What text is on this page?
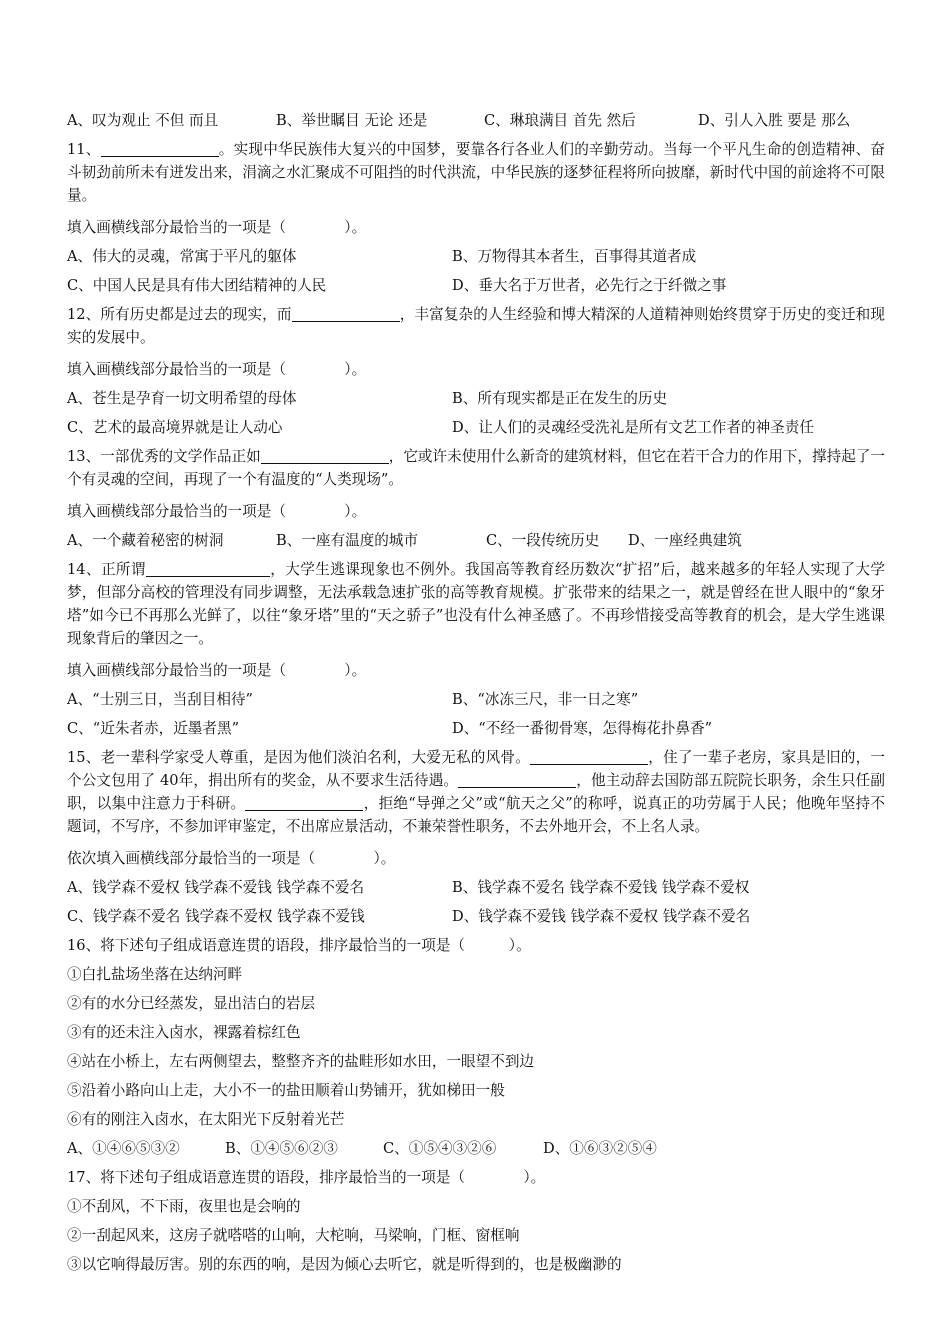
A、叹为观止 不但 而且	B、举世瞩目 无论 还是	C、琳琅满目 首先 然后	D、引人入胜 要是 那么
11、	。实现中华民族伟大复兴的中国梦，要靠各行各业人们的辛勤劳动。当每一个平凡生命的创造精神、奋斗韧劲前所未有迸发出来，涓滴之水汇聚成不可阻挡的时代洪流，中华民族的逐梦征程将所向披靡，新时代中国的前途将不可限量。
填入画横线部分最恰当的一项是（　　　　）。
A、伟大的灵魂，常寓于平凡的躯体	B、万物得其本者生，百事得其道者成
C、中国人民是具有伟大团结精神的人民	D、垂大名于万世者，必先行之于纤微之事
12、所有历史都是过去的现实，而	，丰富复杂的人生经验和博大精深的人道精神则始终贯穿于历史的变迁和现实的发展中。
填入画横线部分最恰当的一项是（　　　　）。
A、苍生是孕育一切文明希望的母体	B、所有现实都是正在发生的历史
C、艺术的最高境界就是让人动心	D、让人们的灵魂经受洗礼是所有文艺工作者的神圣责任
13、一部优秀的文学作品正如	，它或许未使用什么新奇的建筑材料，但它在若干合力的作用下，撑持起了一个有灵魂的空间，再现了一个有温度的“人类现场”。
填入画横线部分最恰当的一项是（　　　　）。
A、一个藏着秘密的树洞	B、一座有温度的城市	C、一段传统历史	D、一座经典建筑
14、正所谓	，大学生逃课现象也不例外。我国高等教育经历数次“扩招”后，越来越多的年轻人实现了大学梦，但部分高校的管理没有同步调整，无法承载急速扩张的高等教育规模。扩张带来的结果之一，就是曾经在世人眼中的“象牙塔”如今已不再那么光鲜了，以往“象牙塔”里的“天之骄子”也没有什么神圣感了。不再珍惜接受高等教育的机会，是大学生逃课现象背后的肇因之一。
填入画横线部分最恰当的一项是（　　　　）。
A、“士别三日，当刮目相待”	B、“冰冻三尺，非一日之寒”
C、“近朱者赤，近墨者黑”	D、“不经一番彻骨寒，怎得梅花扑鼻香”
15、老一辈科学家受人尊重，是因为他们淡泊名利，大爱无私的风骨。	，住了一辈子老房，家具是旧的，一个公文包用了 40年，捐出所有的奖金，从不要求生活待遇。	，他主动辞去国防部五院院长职务，余生只任副职，以集中注意力于科研。	，拒绝“导弹之父”或“航天之父”的称呼，说真正的功劳属于人民；他晚年坚持不题词，不写序，不参加评审鉴定，不出席应景活动，不兼荣誉性职务，不去外地开会，不上名人录。
依次填入画横线部分最恰当的一项是（　　　　）。
A、钱学森不爱权 钱学森不爱钱 钱学森不爱名	B、钱学森不爱名 钱学森不爱钱 钱学森不爱权
C、钱学森不爱名 钱学森不爱权 钱学森不爱钱	D、钱学森不爱钱 钱学森不爱权 钱学森不爱名
16、将下述句子组成语意连贯的语段，排序最恰当的一项是（　　　）。
①白扎盐场坐落在达纳河畔
②有的水分已经蒸发，显出洁白的岩层
③有的还未注入卤水，裸露着棕红色
④站在小桥上，左右两侧望去，整整齐齐的盐畦形如水田，一眼望不到边
⑤沿着小路向山上走，大小不一的盐田顺着山势铺开，犹如梯田一般
⑥有的刚注入卤水，在太阳光下反射着光芒
A、①④⑥⑤③②	B、①④⑤⑥②③	C、①⑤④③②⑥	D、①⑥③②⑤④
17、将下述句子组成语意连贯的语段，排序最恰当的一项是（　　　　）。
①不刮风，不下雨，夜里也是会响的
②一刮起风来，这房子就嗒嗒的山响，大柁响，马梁响，门框、窗框响
③以它响得最厉害。别的东西的响，是因为倾心去听它，就是听得到的，也是极幽渺的
